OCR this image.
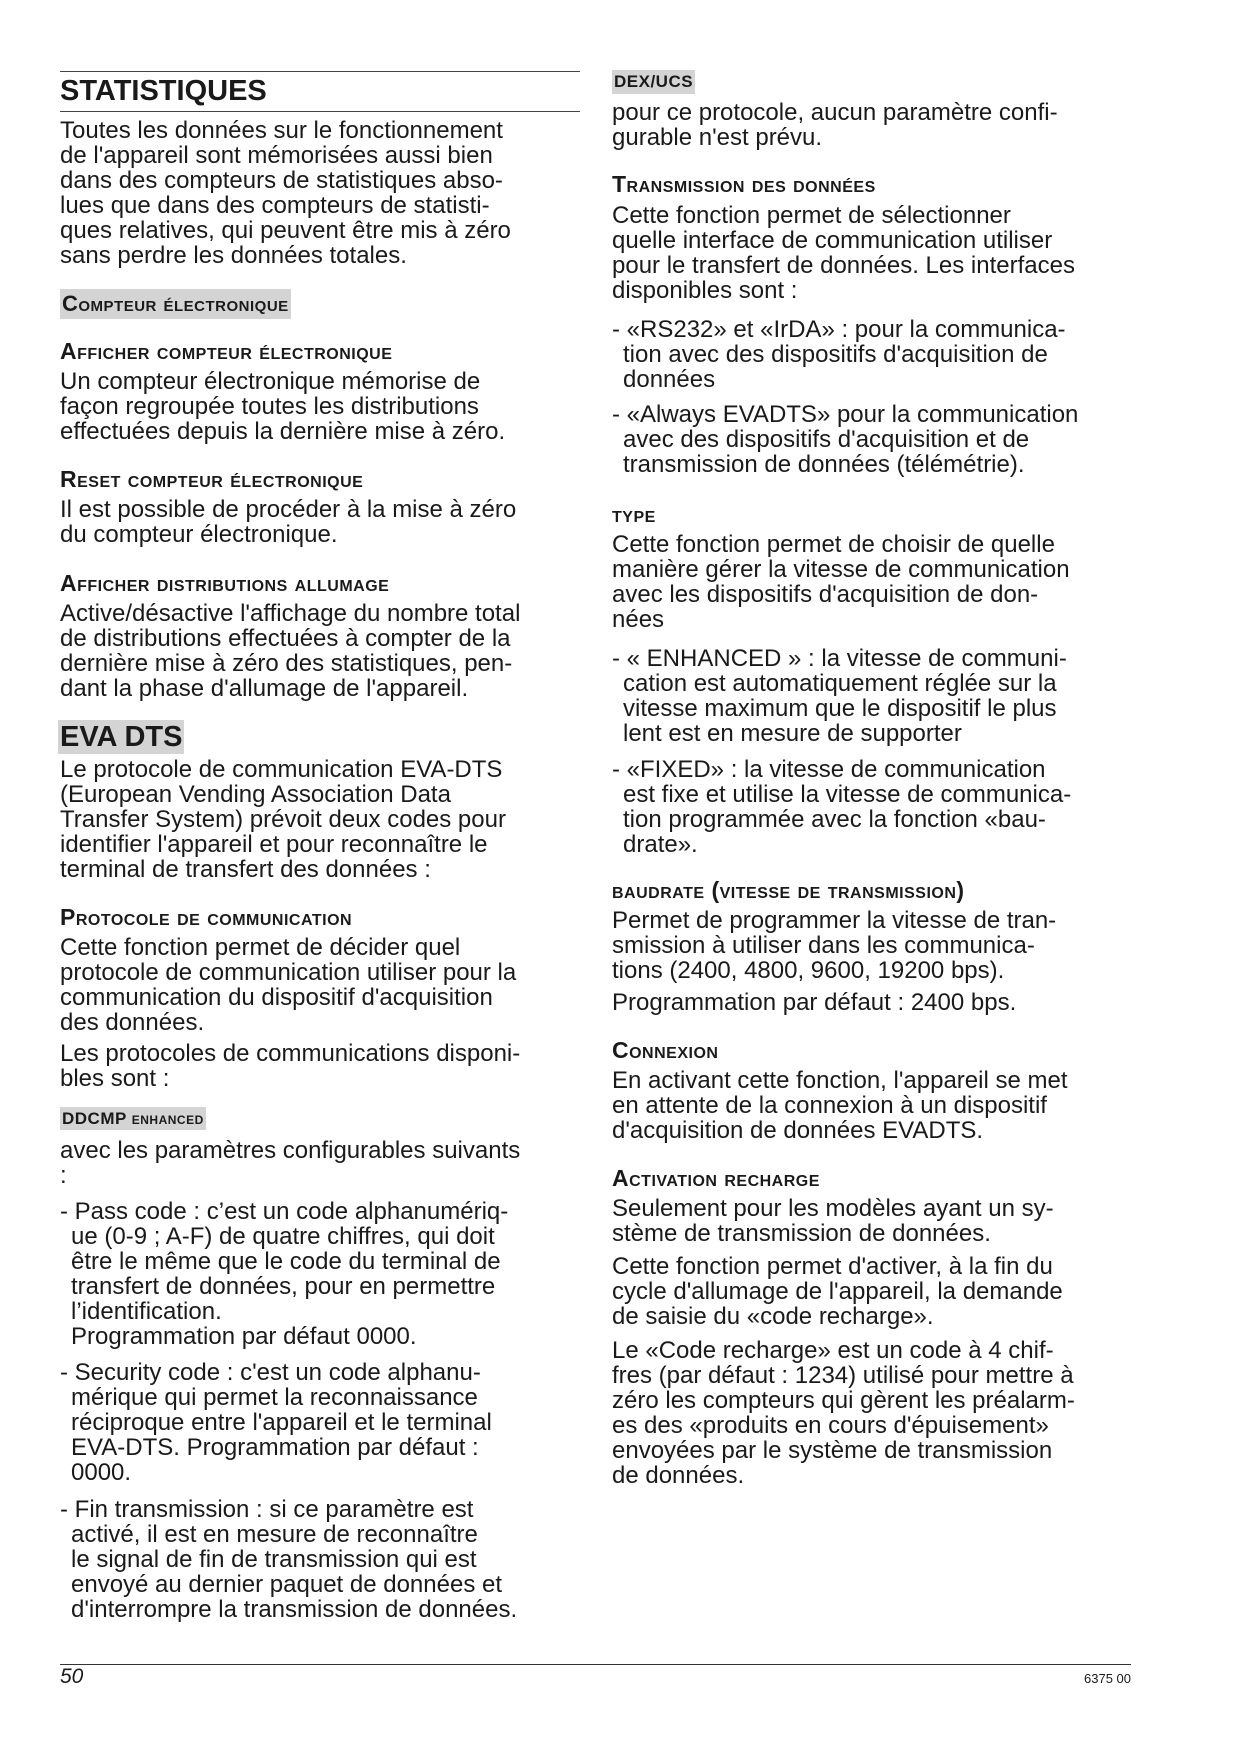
STATISTIQUES

Toutes les données sur le fonctionnement
de l'appareil sont mémorisées aussi bien
dans des compteurs de statistiques abso-
lues que dans des compteurs de statisti-
ques relatives, qui peuvent être mis à zéro
sans perdre les données totales.

Compteur électronique
Afficher compteur électronique

Un compteur électronique mémorise de
façon regroupée toutes les distributions
effectuées depuis la dernière mise à zéro.

Reset compteur électronique

Il est possible de procéder à la mise à zéro
du compteur électronique.

Afficher distributions allumage

Active/désactive l'affichage du nombre total
de distributions effectuées à compter de la
dernière mise à zéro des statistiques, pen-
dant la phase d'allumage de l'appareil.

EVA DTS

Le protocole de communication EVA-DTS
(European Vending Association Data
Transfer System) prévoit deux codes pour
identifier l'appareil et pour reconnaître le
terminal de transfert des données :

Protocole de communication

Cette fonction permet de décider quel
protocole de communication utiliser pour la
communication du dispositif d'acquisition
des données.

Les protocoles de communications disponi-
bles sont :

DDCMP enhanced

avec les paramètres configurables suivants
:

- Pass code : c’est un code alphanumériq-
ue (0-9 ; A-F) de quatre chiffres, qui doit
être le même que le code du terminal de
transfert de données, pour en permettre
l’identification.
Programmation par défaut 0000.

- Security code : c'est un code alphanu-
mérique qui permet la reconnaissance
réciproque entre l'appareil et le terminal
EVA-DTS. Programmation par défaut :
0000.

- Fin transmission : si ce paramètre est
activé, il est en mesure de reconnaître
le signal de fin de transmission qui est
envoyé au dernier paquet de données et
d'interrompre la transmission de données.

DEX/UCS

pour ce protocole, aucun paramètre confi-
gurable n'est prévu.

Transmission des données

Cette fonction permet de sélectionner
quelle interface de communication utiliser
pour le transfert de données. Les interfaces
disponibles sont :

- «RS232» et «IrDA» : pour la communica-
tion avec des dispositifs d'acquisition de
données

- «Always EVADTS» pour la communication
avec des dispositifs d'acquisition et de
transmission de données (télémétrie).

type

Cette fonction permet de choisir de quelle
manière gérer la vitesse de communication
avec les dispositifs d'acquisition de don-
nées

- « ENHANCED » : la vitesse de communi-
cation est automatiquement réglée sur la
vitesse maximum que le dispositif le plus
lent est en mesure de supporter

- «FIXED» : la vitesse de communication
est fixe et utilise la vitesse de communica-
tion programmée avec la fonction «bau-
drate».

baudrate (vitesse de transmission)

Permet de programmer la vitesse de tran-
smission à utiliser dans les communica-
tions (2400, 4800, 9600, 19200 bps).

Programmation par défaut : 2400 bps.

Connexion

En activant cette fonction, l'appareil se met
en attente de la connexion à un dispositif
d'acquisition de données EVADTS.

Activation recharge

Seulement pour les modèles ayant un sy-
stème de transmission de données.

Cette fonction permet d'activer, à la fin du
cycle d'allumage de l'appareil, la demande
de saisie du «code recharge».

Le «Code recharge» est un code à 4 chif-
fres (par défaut : 1234) utilisé pour mettre à
zéro les compteurs qui gèrent les préalarm-
es des «produits en cours d'épuisement»
envoyées par le système de transmission
de données.

50	6375 00
